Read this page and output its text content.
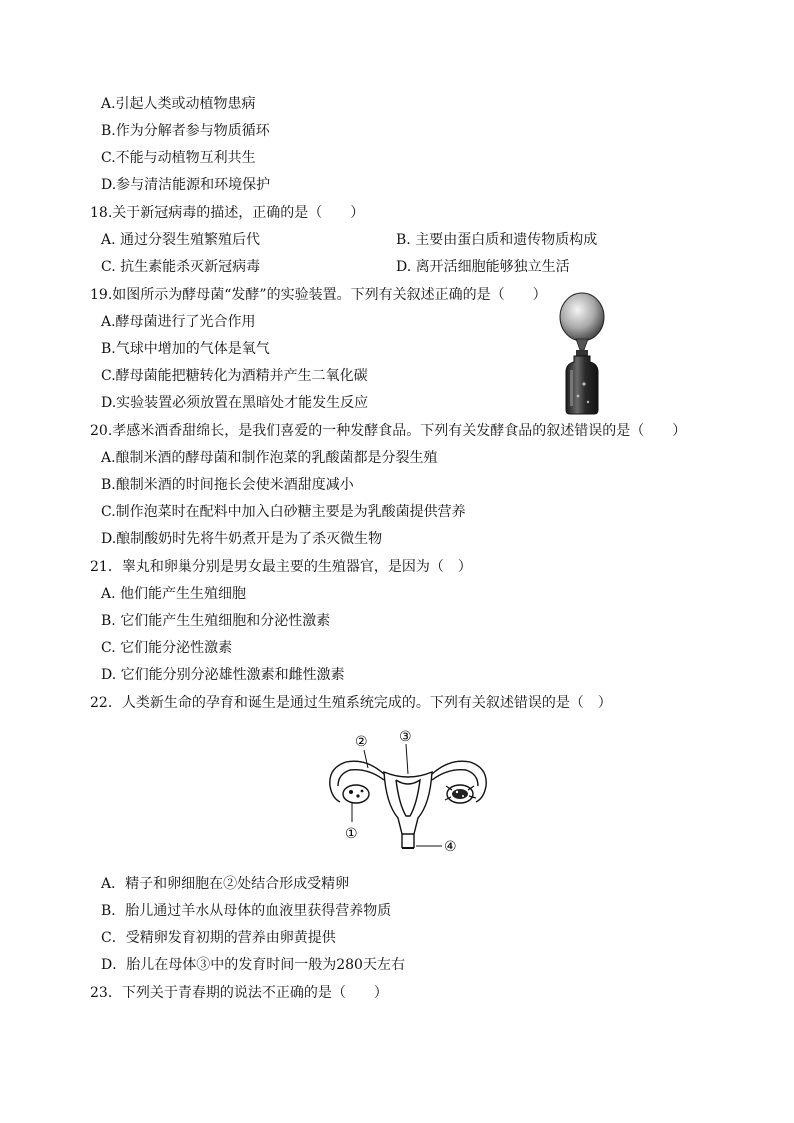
A.引起人类或动植物患病
B.作为分解者参与物质循环
C.不能与动植物互利共生
D.参与清洁能源和环境保护
18.关于新冠病毒的描述，正确的是（　　）
A. 通过分裂生殖繁殖后代	B. 主要由蛋白质和遗传物质构成
C. 抗生素能杀灭新冠病毒	D. 离开活细胞能够独立生活
19.如图所示为酵母菌“发酵”的实验装置。下列有关叙述正确的是（　　）
A.酵母菌进行了光合作用
B.气球中增加的气体是氧气
C.酵母菌能把糖转化为酒精并产生二氧化碳
D.实验装置必须放置在黑暗处才能发生反应
20.孝感米酒香甜绵长，是我们喜爱的一种发酵食品。下列有关发酵食品的叙述错误的是（　　）
A.酿制米酒的酵母菌和制作泡菜的乳酸菌都是分裂生殖
B.酿制米酒的时间拖长会使米酒甜度减小
C.制作泡菜时在配料中加入白砂糖主要是为乳酸菌提供营养
D.酿制酸奶时先将牛奶煮开是为了杀灭微生物
21．睾丸和卵巢分别是男女最主要的生殖器官，是因为（　）
A. 他们能产生生殖细胞
B. 它们能产生生殖细胞和分泌性激素
C. 它们能分泌性激素
D. 它们能分别分泌雄性激素和雌性激素
22．人类新生命的孕育和诞生是通过生殖系统完成的。下列有关叙述错误的是（　）
①
② ③
④
A．精子和卵细胞在②处结合形成受精卵
B．胎儿通过羊水从母体的血液里获得营养物质
C．受精卵发育初期的营养由卵黄提供
D．胎儿在母体③中的发育时间一般为280天左右
23．下列关于青春期的说法不正确的是（　　）
